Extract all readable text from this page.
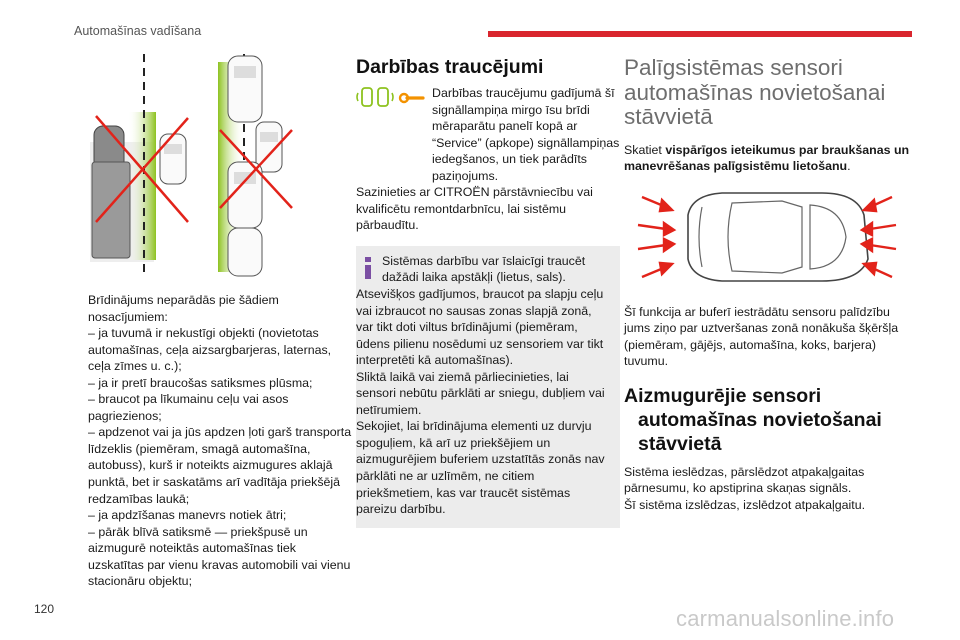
Automašīnas vadīšana

Brīdinājums neparādās pie šādiem nosacījumiem:

– ja tuvumā ir nekustīgi objekti (novietotas automašīnas, ceļa aizsargbarjeras, laternas, ceļa zīmes u. c.);

– ja ir pretī braucošas satiksmes plūsma;

– braucot pa līkumainu ceļu vai asos pagriezienos;

– apdzenot vai ja jūs apdzen ļoti garš transporta līdzeklis (piemēram, smagā automašīna, autobuss), kurš ir noteikts aizmugures aklajā punktā, bet ir saskatāms arī vadītāja priekšējā redzamības laukā;

– ja apdzīšanas manevrs notiek ātri;

– pārāk blīvā satiksmē — priekšpusē un aizmugurē noteiktās automašīnas tiek uzskatītas par vienu kravas automobili vai vienu stacionāru objektu;

Darbības traucējumi

Darbības traucējumu gadījumā šī signāllampiņa mirgo īsu brīdi mēraparātu panelī kopā ar “Service” (apkope) signāllampiņas iedegšanos, un tiek parādīts paziņojums.

Sazinieties ar CITROËN pārstāvniecību vai kvalificētu remontdarbnīcu, lai sistēmu pārbaudītu.

Sistēmas darbību var īslaicīgi traucēt dažādi laika apstākļi (lietus, sals).

Atsevišķos gadījumos, braucot pa slapju ceļu vai izbraucot no sausas zonas slapjā zonā, var tikt doti viltus brīdinājumi (piemēram, ūdens pilienu nosēdumi uz sensoriem var tikt interpretēti kā automašīnas).

Sliktā laikā vai ziemā pārliecinieties, lai sensori nebūtu pārklāti ar sniegu, dubļiem vai netīrumiem.

Sekojiet, lai brīdinājuma elementi uz durvju spoguļiem, kā arī uz priekšējiem un aizmugurējiem buferiem uzstatītās zonās nav pārklāti ne ar uzlīmēm, ne citiem priekšmetiem, kas var traucēt sistēmas pareizu darbību.

Palīgsistēmas sensori automašīnas novietošanai stāvvietā

Skatiet vispārīgos ieteikumus par braukšanas un manevrēšanas palīgsistēmu lietošanu.

Šī funkcija ar buferī iestrādātu sensoru palīdzību jums ziņo par uztveršanas zonā nonākuša šķēršļa (piemēram, gājējs, automašīna, koks, barjera) tuvumu.

Aizmugurējie sensori
automašīnas novietošanai
stāvvietā

Sistēma ieslēdzas, pārslēdzot atpakaļgaitas pārnesumu, ko apstiprina skaņas signāls.

Šī sistēma izslēdzas, izslēdzot atpakaļgaitu.

120	carmanualsonline.info
